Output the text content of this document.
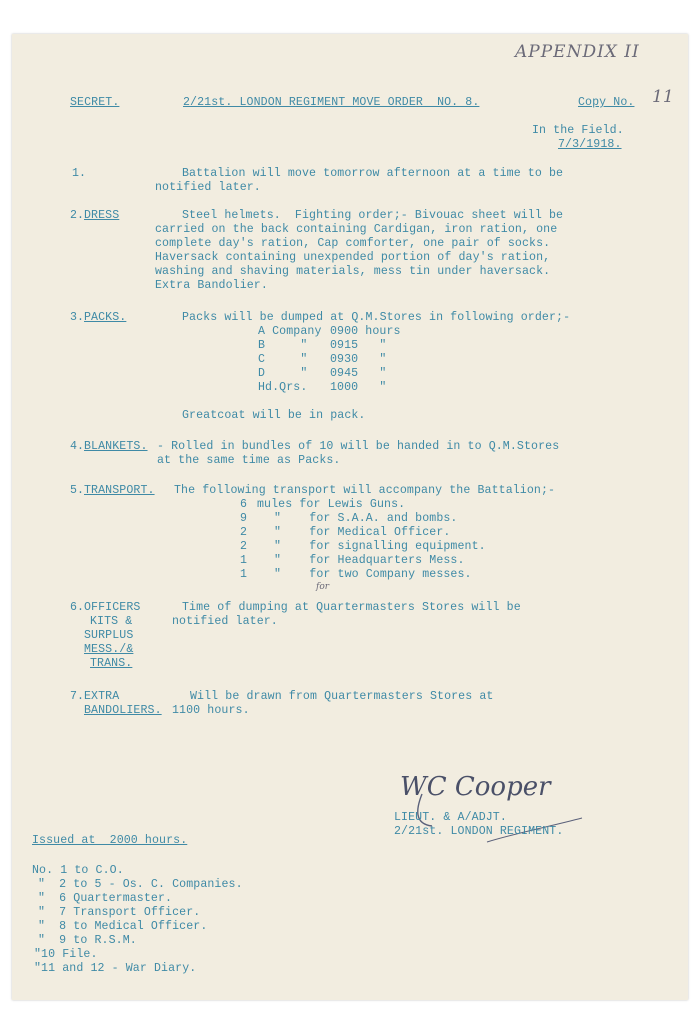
APPENDIX II
11
SECRET.	2/21st. LONDON REGIMENT MOVE ORDER  NO. 8.	Copy No.
In the Field.
7/3/1918.
1.	Battalion will move tomorrow afternoon at a time to be
notified later.
2. DRESS	Steel helmets.  Fighting order;- Bivouac sheet will be
carried on the back containing Cardigan, iron ration, one
complete day's ration, Cap comforter, one pair of socks.
Haversack containing unexpended portion of day's ration,
washing and shaving materials, mess tin under haversack.
Extra Bandolier.
3. PACKS.	Packs will be dumped at Q.M.Stores in following order;-
A Company 0900 hours
B     " 0915   "
C     " 0930   "
D     " 0945   "
Hd.Qrs. 1000   "
Greatcoat will be in pack.
4. BLANKETS. - Rolled in bundles of 10 will be handed in to Q.M.Stores
at the same time as Packs.
5. TRANSPORT. The following transport will accompany the Battalion;-
6 mules for Lewis Guns.
9 "    for S.A.A. and bombs.
2 "    for Medical Officer.
2 "    for signalling equipment.
1 "    for Headquarters Mess.
1 "    for two Company messes.
for
6. OFFICERS
KITS &
SURPLUS
MESS./&
TRANS.
Time of dumping at Quartermasters Stores will be
notified later.
7. EXTRA
BANDOLIERS.
Will be drawn from Quartermasters Stores at
1100 hours.
WC Cooper
LIEUT. & A/ADJT.
2/21st. LONDON REGIMENT.
Issued at  2000 hours.
No. 1 to C.O.
"  2 to 5 - Os. C. Companies.
"  6 Quartermaster.
"  7 Transport Officer.
"  8 to Medical Officer.
"  9 to R.S.M.
"10 File.
"11 and 12 - War Diary.
